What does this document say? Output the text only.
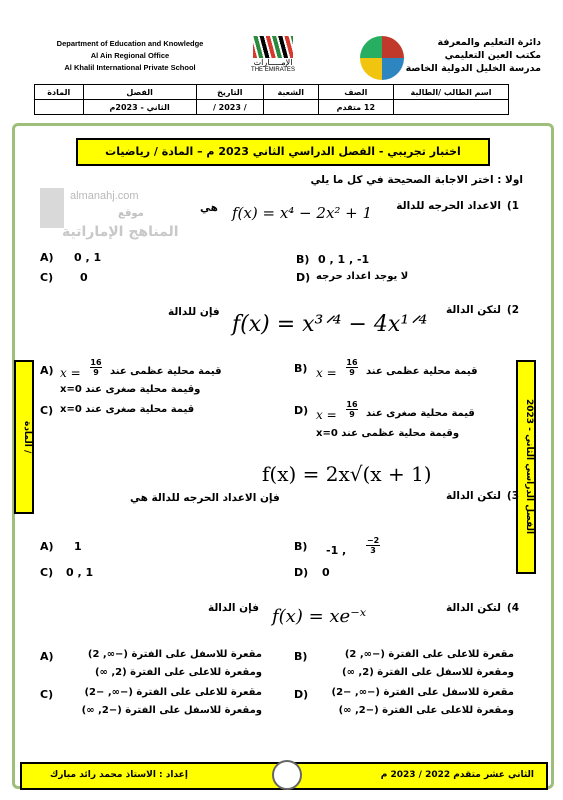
Department of Education and Knowledge
Al Ain Regional Office
Al Khalil International Private School
الإمـــــارات
THE EMIRATES
دائرة التعليم والمعرفة
مكتب العين التعليمي
مدرسة الخليل الدولية الخاصة
اسم الطالب /الطالبة	الصف	الشعبة	التاريخ	الفصل	المادة
	12 متقدم		/ 2023 /	الثاني - 2023م	
اختبار تجريبي - الفصل الدراسي الثاني 2023 م – المادة / رياضيات
اولا : اختر الاجابة الصحيحة في كل ما يلي
almanahj.com
موقع
المناهج الإماراتية
الفصل الدراسي الثاني - 2023
المادة /
1)
الاعداد الحرجه للدالة
f(x) = x⁴ − 2x² + 1
هي
A) 0 , 1	B) 0 , 1 , -1
C) 0	D) لا يوجد اعداد حرجه
2)
لتكن الدالة
f(x) = x³ᐟ⁴ − 4x¹ᐟ⁴
فإن للدالة
A) $x = \frac{16}{9}$ قيمة محلية عظمى عند
وقيمة محلية صغرى عند x=0
B) $x = \frac{16}{9}$ قيمة محلية عظمى عند
C) قيمة محلية صغرى عند x=0	D) $x = \frac{16}{9}$ قيمة محلية صغرى عند
وقيمة محلية عظمى عند x=0
f(x) = 2x√(x + 1)
3)
لتكن الدالة
فإن الاعداد الحرجه للدالة هي
A) 1	B) -1 , $\frac{-2}{3}$
C) 0 , 1	D) 0
4)
لتكن الدالة
f(x) = xe⁻ˣ
فإن الدالة
A)	مقعرة للاسفل على الفترة (−∞, 2)
ومقعرة للاعلى على الفترة (2, ∞)
B)	مقعرة للاعلى على الفترة (−∞, 2)
ومقعرة للاسفل على الفترة (2, ∞)
C)	مقعرة للاعلى على الفترة (−∞, −2)
ومقعرة للاسفل على الفترة (−2, ∞)
D)	مقعرة للاسفل على الفترة (−∞, −2)
ومقعرة للاعلى على الفترة (−2, ∞)
الثاني عشر متقدم 2022 / 2023 م
إعداد : الاستاذ محمد رائد مبارك
